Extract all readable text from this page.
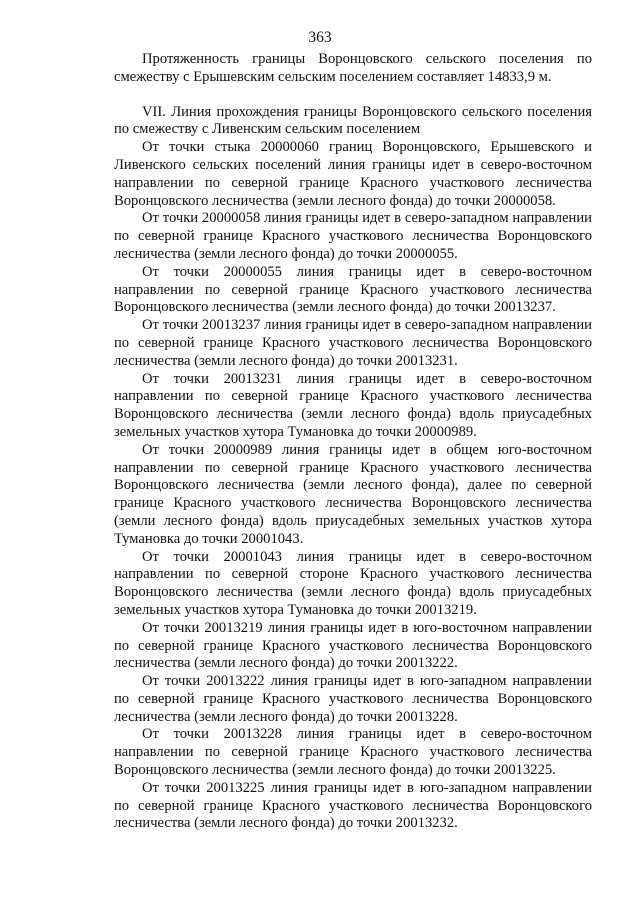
363

Протяженность границы Воронцовского сельского поселения по смежеству с Ерышевским сельским поселением составляет 14833,9 м.

VII. Линия прохождения границы Воронцовского сельского поселения по смежеству с Ливенским сельским поселением

От точки стыка 20000060 границ Воронцовского, Ерышевского и Ливенского сельских поселений линия границы идет в северо-восточном направлении по северной границе Красного участкового лесничества Воронцовского лесничества (земли лесного фонда) до точки 20000058.

От точки 20000058 линия границы идет в северо-западном направлении по северной границе Красного участкового лесничества Воронцовского лесничества (земли лесного фонда) до точки 20000055.

От точки 20000055 линия границы идет в северо-восточном направлении по северной границе Красного участкового лесничества Воронцовского лесничества (земли лесного фонда) до точки 20013237.

От точки 20013237 линия границы идет в северо-западном направлении по северной границе Красного участкового лесничества Воронцовского лесничества (земли лесного фонда) до точки 20013231.

От точки 20013231 линия границы идет в северо-восточном направлении по северной границе Красного участкового лесничества Воронцовского лесничества (земли лесного фонда) вдоль приусадебных земельных участков хутора Тумановка до точки 20000989.

От точки 20000989 линия границы идет в общем юго-восточном направлении по северной границе Красного участкового лесничества Воронцовского лесничества (земли лесного фонда), далее по северной границе Красного участкового лесничества Воронцовского лесничества (земли лесного фонда) вдоль приусадебных земельных участков хутора Тумановка до точки 20001043.

От точки 20001043 линия границы идет в северо-восточном направлении по северной стороне Красного участкового лесничества Воронцовского лесничества (земли лесного фонда) вдоль приусадебных земельных участков хутора Тумановка до точки 20013219.

От точки 20013219 линия границы идет в юго-восточном направлении по северной границе Красного участкового лесничества Воронцовского лесничества (земли лесного фонда) до точки 20013222.

От точки 20013222 линия границы идет в юго-западном направлении по северной границе Красного участкового лесничества Воронцовского лесничества (земли лесного фонда) до точки 20013228.

От точки 20013228 линия границы идет в северо-восточном направлении по северной границе Красного участкового лесничества Воронцовского лесничества (земли лесного фонда) до точки 20013225.

От точки 20013225 линия границы идет в юго-западном направлении по северной границе Красного участкового лесничества Воронцовского лесничества (земли лесного фонда) до точки 20013232.
